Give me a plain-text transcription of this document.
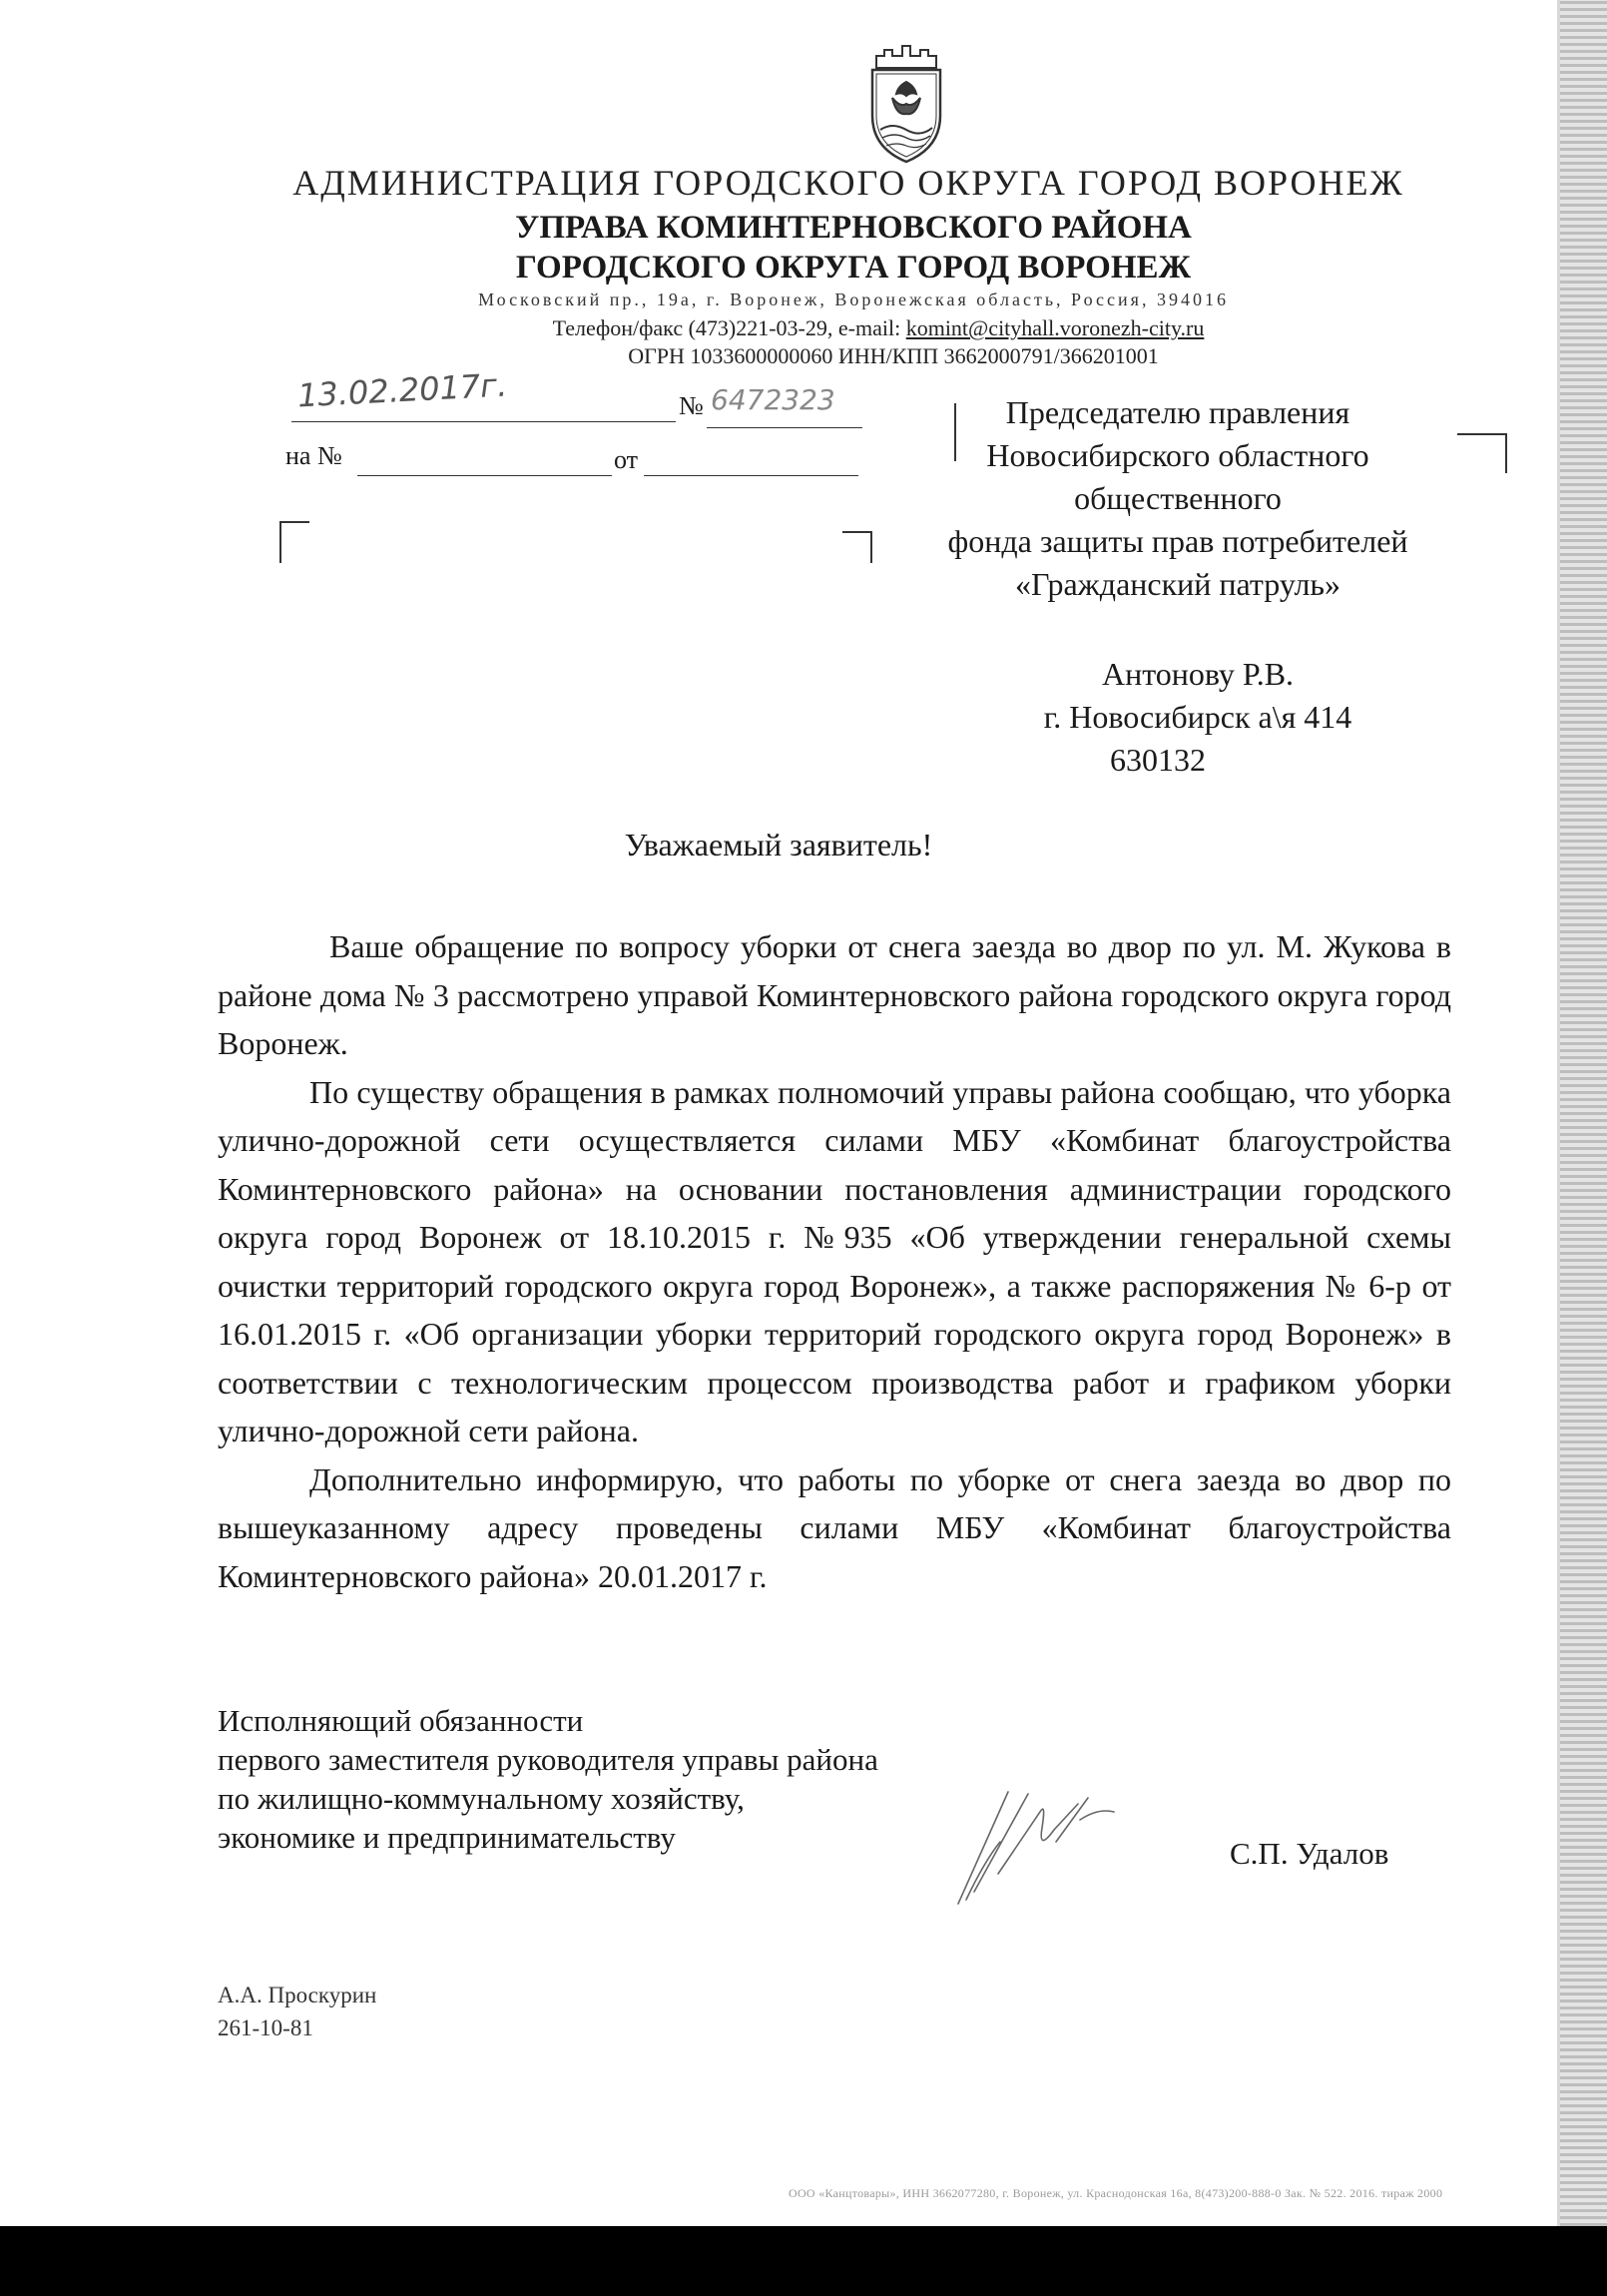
АДМИНИСТРАЦИЯ ГОРОДСКОГО ОКРУГА ГОРОД ВОРОНЕЖ
УПРАВА КОМИНТЕРНОВСКОГО РАЙОНА
ГОРОДСКОГО ОКРУГА ГОРОД ВОРОНЕЖ
Московский пр., 19а, г. Воронеж, Воронежская область, Россия, 394016
Телефон/факс (473)221-03-29, e-mail: komint@cityhall.voronezh-city.ru
ОГРН 1033600000060 ИНН/КПП 3662000791/366201001
13.02.2017г.	№ 6472323
на №	от
Председателю правления
Новосибирского областного
общественного
фонда защиты прав потребителей
«Гражданский патруль»
Антонову Р.В.
г. Новосибирск а\я 414
630132
Уважаемый заявитель!

Ваше обращение по вопросу уборки от снега заезда во двор по ул. М. Жукова в районе дома № 3 рассмотрено управой Коминтерновского района городского округа город Воронеж.

По существу обращения в рамках полномочий управы района сообщаю, что уборка улично-дорожной сети осуществляется силами МБУ «Комбинат благоустройства Коминтерновского района» на основании постановления администрации городского округа город Воронеж от 18.10.2015 г. №935 «Об утверждении генеральной схемы очистки территорий городского округа город Воронеж», а также распоряжения № 6-р от 16.01.2015 г. «Об организации уборки территорий городского округа город Воронеж» в соответствии с технологическим процессом производства работ и графиком уборки улично-дорожной сети района.

Дополнительно информирую, что работы по уборке от снега заезда во двор по вышеуказанному адресу проведены силами МБУ «Комбинат благоустройства Коминтерновского района» 20.01.2017 г.

Исполняющий обязанности
первого заместителя руководителя управы района
по жилищно-коммунальному хозяйству,
экономике и предпринимательству	С.П. Удалов
А.А. Проскурин
261-10-81
ООО «Канцтовары», ИНН 3662077280, г. Воронеж, ул. Краснодонская 16а, 8(473)200-888-0 Зак. № 522. 2016. тираж 2000
